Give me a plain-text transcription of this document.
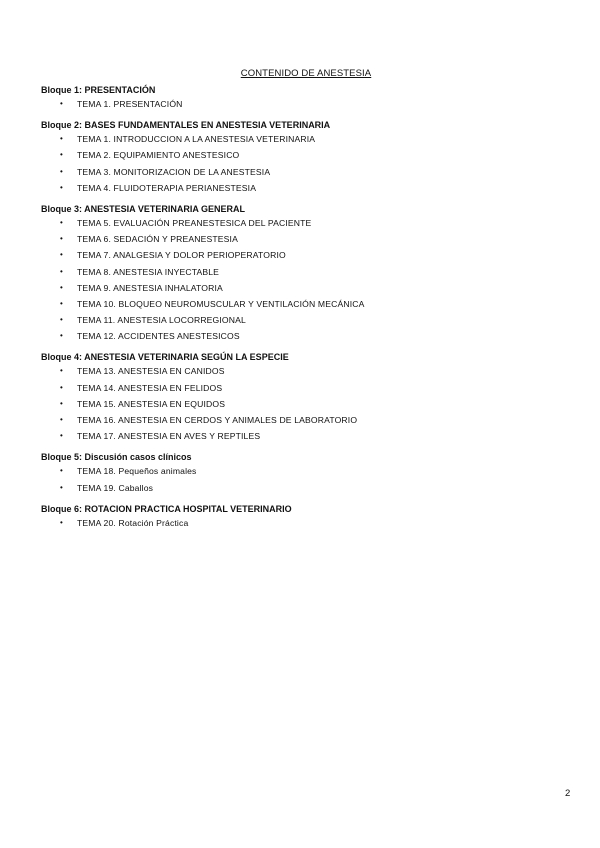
CONTENIDO DE ANESTESIA
Bloque 1: PRESENTACIÓN
• TEMA 1. PRESENTACIÓN
Bloque 2: BASES FUNDAMENTALES EN ANESTESIA VETERINARIA
• TEMA 1. INTRODUCCION A LA ANESTESIA VETERINARIA
• TEMA 2. EQUIPAMIENTO ANESTESICO
• TEMA 3. MONITORIZACION DE LA ANESTESIA
• TEMA 4. FLUIDOTERAPIA PERIANESTESIA
Bloque 3: ANESTESIA VETERINARIA GENERAL
• TEMA 5. EVALUACIÓN PREANESTESICA DEL PACIENTE
• TEMA 6. SEDACIÓN Y PREANESTESIA
• TEMA 7. ANALGESIA Y DOLOR PERIOPERATORIO
• TEMA 8. ANESTESIA INYECTABLE
• TEMA 9. ANESTESIA INHALATORIA
• TEMA 10. BLOQUEO NEUROMUSCULAR Y VENTILACIÓN MECÁNICA
• TEMA 11. ANESTESIA LOCORREGIONAL
• TEMA 12. ACCIDENTES ANESTESICOS
Bloque 4: ANESTESIA VETERINARIA SEGÚN LA ESPECIE
• TEMA 13. ANESTESIA EN CANIDOS
• TEMA 14. ANESTESIA EN FELIDOS
• TEMA 15. ANESTESIA EN EQUIDOS
• TEMA 16. ANESTESIA EN CERDOS Y ANIMALES DE LABORATORIO
• TEMA 17. ANESTESIA EN AVES Y REPTILES
Bloque 5: Discusión casos clínicos
• TEMA 18. Pequeños animales
• TEMA 19. Caballos
Bloque 6: ROTACION PRACTICA HOSPITAL VETERINARIO
• TEMA 20. Rotación Práctica
2
